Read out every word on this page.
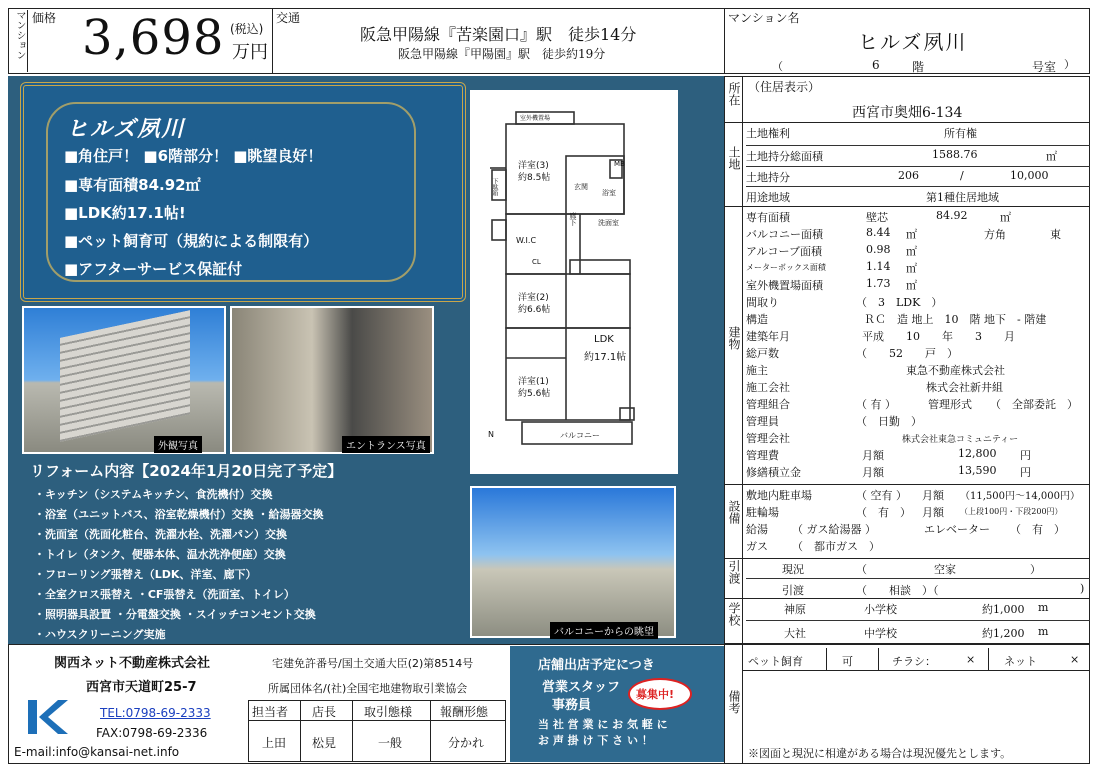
マンション 価格 3,698 (税込)
万円
交通
阪急甲陽線『苦楽園口』駅　徒歩14分
阪急甲陽線『甲陽園』駅　徒歩約19分
マンション名
ヒルズ夙川
（	6	階	号室 ）
ヒルズ夙川
■角住戸！ ■6階部分！ ■眺望良好！
■専有面積84.92㎡
■LDK約17.1帖!
■ペット飼育可（規約による制限有）
■アフターサービス保証付
室外機置場
洋室(3)
約8.5帖
MB
玄関
浴室
下駄箱
廊下	洗面室
W.I.C
CL
洋室(2)
約6.6帖
LDK
約17.1帖
洋室(1)
約5.6帖
バルコニー
N
外観写真	エントランス写真
バルコニーからの眺望
リフォーム内容【2024年1月20日完了予定】
・キッチン（システムキッチン、食洗機付）交換
・浴室（ユニットバス、浴室乾燥機付）交換 ・給湯器交換
・洗面室（洗面化粧台、洗濯水栓、洗濯パン）交換
・トイレ（タンク、便器本体、温水洗浄便座）交換
・フローリング張替え（LDK、洋室、廊下）
・全室クロス張替え ・CF張替え（洗面室、トイレ）
・照明器具設置 ・分電盤交換 ・スイッチコンセント交換
・ハウスクリーニング実施
所在 （住居表示）
西宮市奥畑6-134
土地
土地権利	所有権
土地持分総面積	1588.76	㎡
土地持分	206	/	10,000
用途地域	第1種住居地域
建物
専有面積	壁芯	84.92	㎡
バルコニー面積	8.44 ㎡	方角	東
アルコーブ面積	0.98 ㎡
メーターボックス面積	1.14 ㎡
室外機置場面積	1.73 ㎡
間取り	（　3　LDK　）
構造	ＲＣ　造 地上　10　階 地下　- 階建
建築年月	平成　　10　　年　　3　　月
総戸数	（　　52　　戸　）
施主	東急不動産株式会社
施工会社	株式会社新井組
管理組合	（ 有 ）	管理形式 （　全部委託　）
管理員	（　日勤　）
管理会社	株式会社東急コミュニティー
管理費	月額	12,800 円
修繕積立金	月額	13,590 円
設備
敷地内駐車場	（ 空有 ） 月額 （11,500円～14,000円）
駐輪場	（　有　） 月額 （上段100円・下段200円）
給湯 （ ガス給湯器 ）	エレベーター （　有　）
ガス （　都市ガス　）
引渡	現況	（	空家	）
引渡	（　　相談　）（	)
学校	神原	小学校	約1,000 m
大社	中学校	約1,200 m
関西ネット不動産株式会社
西宮市天道町25-7
TEL:0798-69-2333
FAX:0798-69-2336
E-mail:info@kansai-net.info
宅建免許番号/国土交通大臣(2)第8514号
所属団体名/(社)全国宅地建物取引業協会
担当者 店長 取引態様 報酬形態
上田 松見	一般	分かれ
店舗出店予定につき
営業スタッフ
事務員
募集中!
当 社 営 業 に お 気 軽 に
お 声 掛 け 下 さ い ！
備考
ペット飼育	可	チラシ：	×	ネット	×
※図面と現況に相違がある場合は現況優先とします。
